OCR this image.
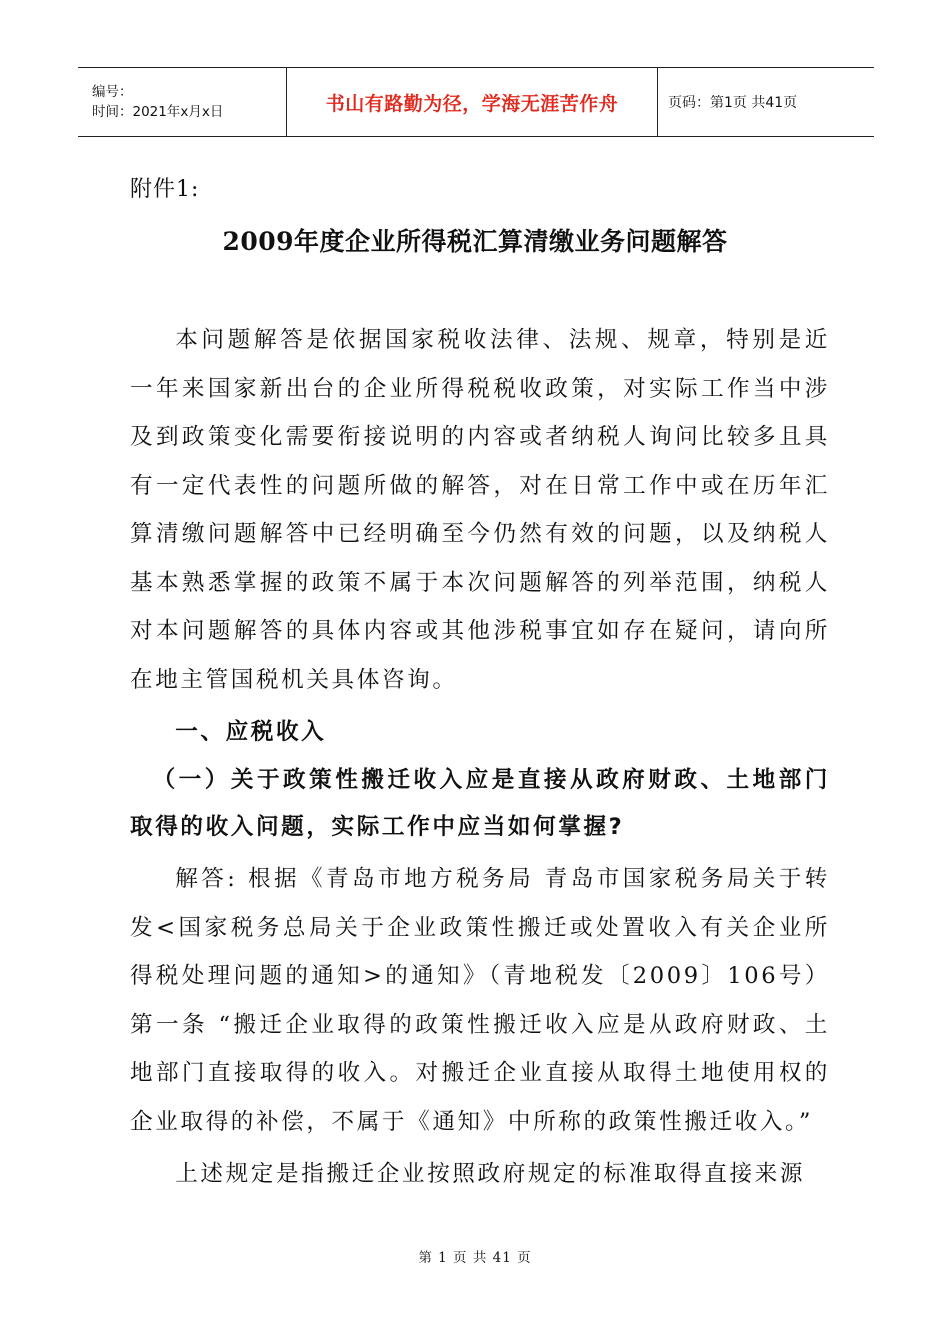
编号：
时间：2021年x月x日	书山有路勤为径，学海无涯苦作舟	页码：第1页 共41页
附件1:
2009年度企业所得税汇算清缴业务问题解答

本问题解答是依据国家税收法律、法规、规章，特别是近一年来国家新出台的企业所得税税收政策，对实际工作当中涉及到政策变化需要衔接说明的内容或者纳税人询问比较多且具有一定代表性的问题所做的解答，对在日常工作中或在历年汇算清缴问题解答中已经明确至今仍然有效的问题，以及纳税人基本熟悉掌握的政策不属于本次问题解答的列举范围，纳税人对本问题解答的具体内容或其他涉税事宜如存在疑问，请向所在地主管国税机关具体咨询。

一、应税收入

（一）关于政策性搬迁收入应是直接从政府财政、土地部门取得的收入问题，实际工作中应当如何掌握?

解答: 根据《青岛市地方税务局 青岛市国家税务局关于转发<国家税务总局关于企业政策性搬迁或处置收入有关企业所得税处理问题的通知>的通知》（青地税发〔2009〕106号）第一条 “搬迁企业取得的政策性搬迁收入应是从政府财政、土地部门直接取得的收入。对搬迁企业直接从取得土地使用权的企业取得的补偿，不属于《通知》中所称的政策性搬迁收入。”

上述规定是指搬迁企业按照政府规定的标准取得直接来源

第 1 页 共 41 页
